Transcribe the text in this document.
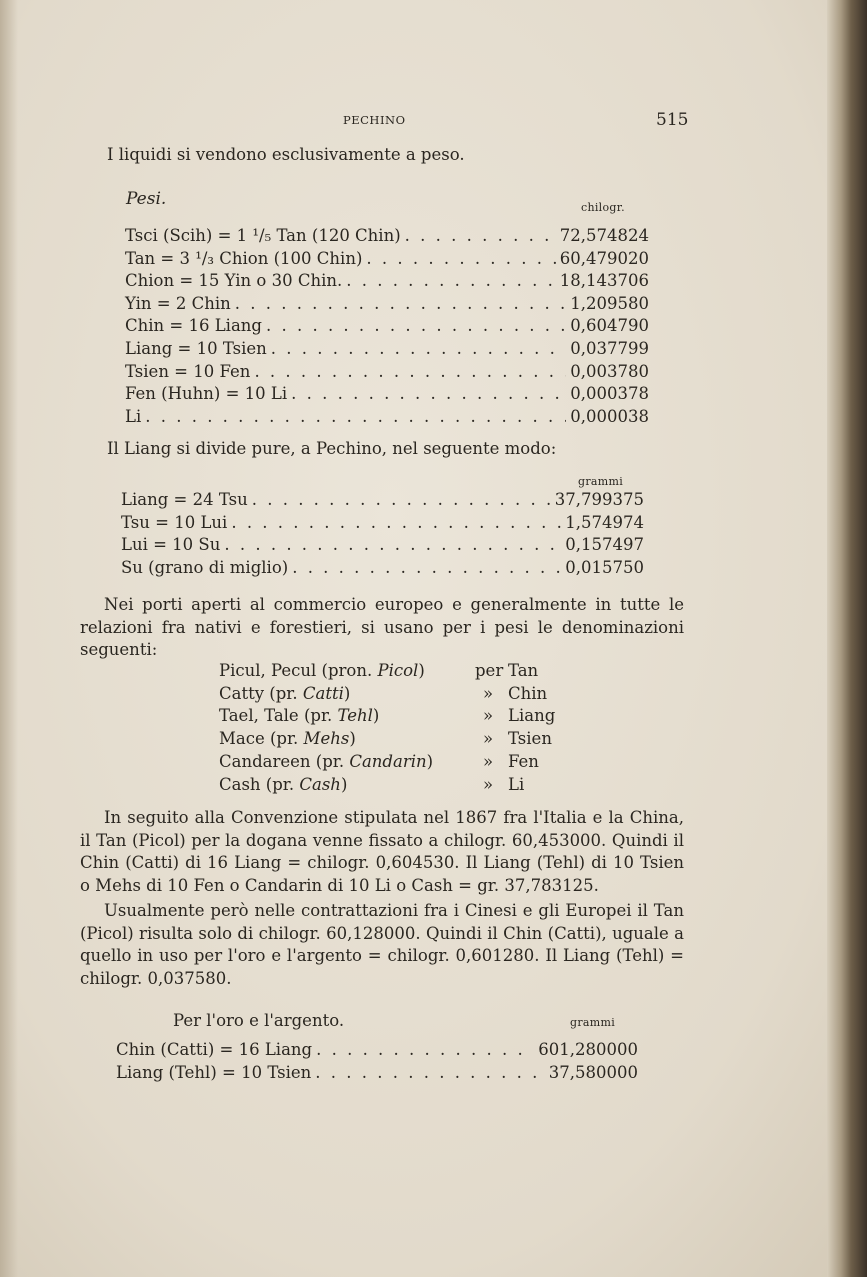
PECHINO	515
I liquidi si vendono esclusivamente a peso.
Pesi.	chilogr.
Tsci (Scih) = 1 ¹/₅ Tan (120 Chin) . . .	72,574824
Tan = 3 ¹/₃ Chion (100 Chin) . . .	60,479020
Chion = 15 Yin o 30 Chin. . . .	18,143706
Yin = 2 Chin . . .	1,209580
Chin = 16 Liang . . .	0,604790
Liang = 10 Tsien . . .	0,037799
Tsien = 10 Fen . . .	0,003780
Fen (Huhn) = 10 Li . . .	0,000378
Li . . .	0,000038
Il Liang si divide pure, a Pechino, nel seguente modo:
grammi
Liang = 24 Tsu . . .	37,799375
Tsu = 10 Lui . . .	1,574974
Lui = 10 Su . . .	0,157497
Su (grano di miglio) . . .	0,015750
Nei porti aperti al commercio europeo e generalmente in tutte le relazioni fra nativi e forestieri, si usano per i pesi le denominazioni seguenti:
Picul, Pecul (pron. Picol)	per Tan
Catty (pr. Catti)	» Chin
Tael, Tale (pr. Tehl)	» Liang
Mace (pr. Mehs)	» Tsien
Candareen (pr. Candarin)	» Fen
Cash (pr. Cash)	» Li
In seguito alla Convenzione stipulata nel 1867 fra l'Italia e la China, il Tan (Picol) per la dogana venne fissato a chilogr. 60,453000. Quindi il Chin (Catti) di 16 Liang = chilogr. 0,604530. Il Liang (Tehl) di 10 Tsien o Mehs di 10 Fen o Candarin di 10 Li o Cash = gr. 37,783125.
Usualmente però nelle contrattazioni fra i Cinesi e gli Europei il Tan (Picol) risulta solo di chilogr. 60,128000. Quindi il Chin (Catti), uguale a quello in uso per l'oro e l'argento = chilogr. 0,601280. Il Liang (Tehl) = chilogr. 0,037580.
Per l'oro e l'argento.	grammi
Chin (Catti) = 16 Liang . . .	601,280000
Liang (Tehl) = 10 Tsien . . .	37,580000
